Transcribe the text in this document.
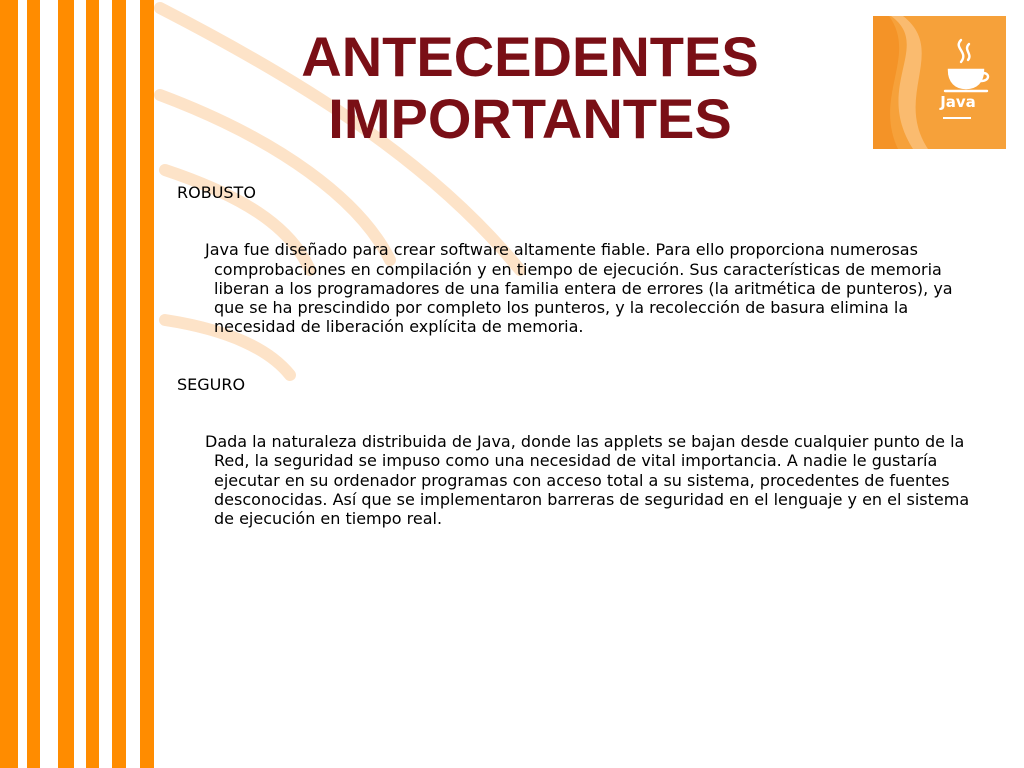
Java
ANTECEDENTES
IMPORTANTES

ROBUSTO

Java fue diseñado para crear software altamente fiable. Para ello proporciona numerosas comprobaciones en compilación y en tiempo de ejecución. Sus características de memoria liberan a los programadores de una familia entera de errores (la aritmética de punteros), ya que se ha prescindido por completo los punteros, y la recolección de basura elimina la necesidad de liberación explícita de memoria.

SEGURO

Dada la naturaleza distribuida de Java, donde las applets se bajan desde cualquier punto de la Red, la seguridad se impuso como una necesidad de vital importancia. A nadie le gustaría ejecutar en su ordenador programas con acceso total a su sistema, procedentes de fuentes desconocidas. Así que se implementaron barreras de seguridad en el lenguaje y en el sistema de ejecución en tiempo real.
